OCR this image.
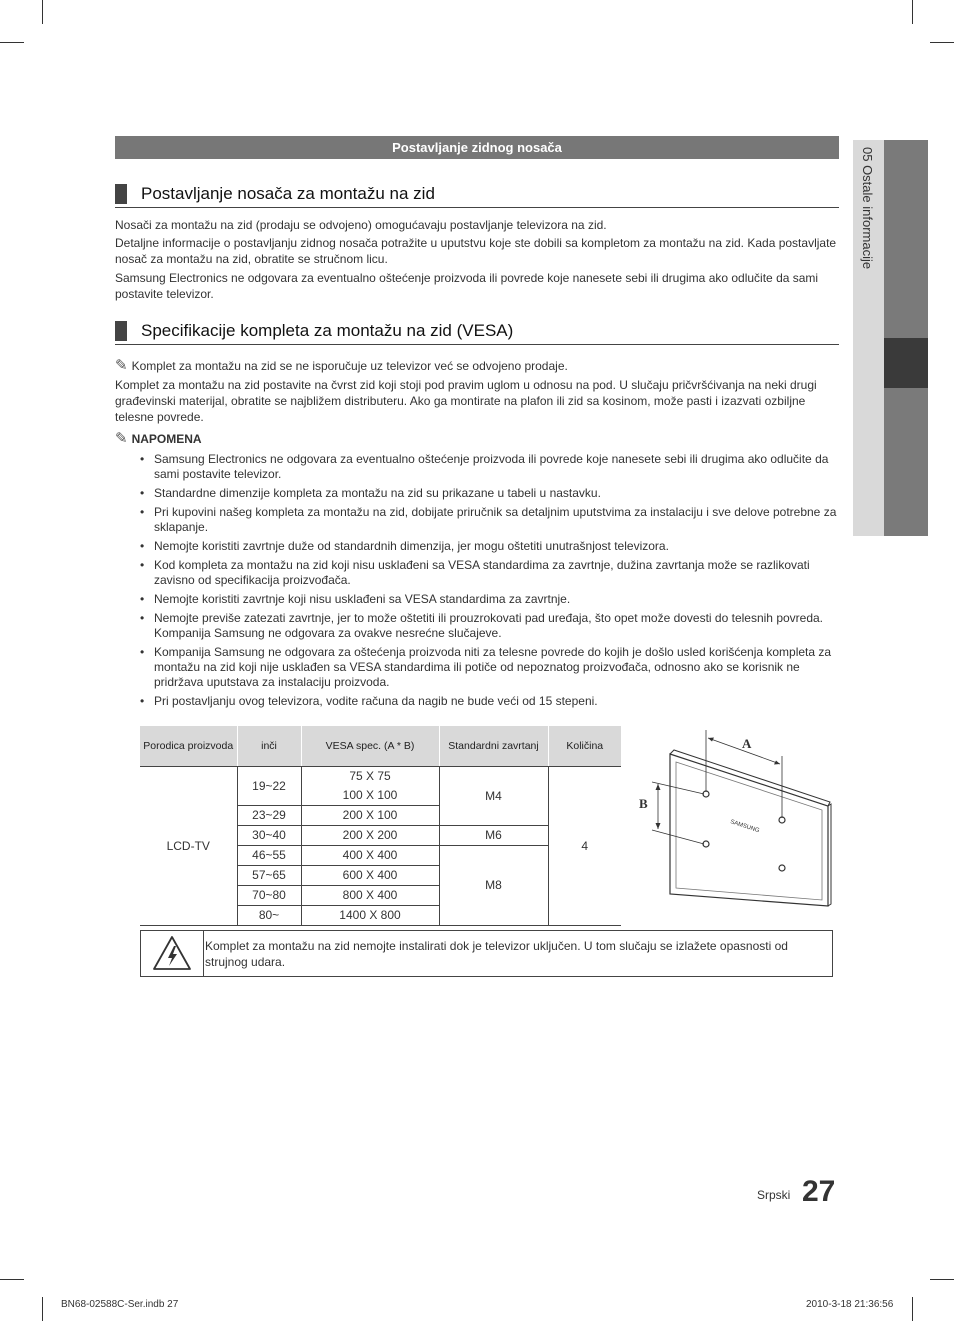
05 Ostale informacije
Postavljanje zidnog nosača
Postavljanje nosača za montažu na zid

Nosači za montažu na zid (prodaju se odvojeno) omogućavaju postavljanje televizora na zid.

Detaljne informacije o postavljanju zidnog nosača potražite u uputstvu koje ste dobili sa kompletom za montažu na zid. Kada postavljate nosač za montažu na zid, obratite se stručnom licu.

Samsung Electronics ne odgovara za eventualno oštećenje proizvoda ili povrede koje nanesete sebi ili drugima ako odlučite da sami postavite televizor.

Specifikacije kompleta za montažu na zid (VESA)
✎ Komplet za montažu na zid se ne isporučuje uz televizor već se odvojeno prodaje.

Komplet za montažu na zid postavite na čvrst zid koji stoji pod pravim uglom u odnosu na pod. U slučaju pričvršćivanja na neki drugi građevinski materijal, obratite se najbližem distributeru. Ako ga montirate na plafon ili zid sa kosinom, može pasti i izazvati ozbiljne telesne povrede.

✎ NAPOMENA
• Samsung Electronics ne odgovara za eventualno oštećenje proizvoda ili povrede koje nanesete sebi ili drugima ako odlučite da sami postavite televizor.
• Standardne dimenzije kompleta za montažu na zid su prikazane u tabeli u nastavku.
• Pri kupovini našeg kompleta za montažu na zid, dobijate priručnik sa detaljnim uputstvima za instalaciju i sve delove potrebne za sklapanje.
• Nemojte koristiti zavrtnje duže od standardnih dimenzija, jer mogu oštetiti unutrašnjost televizora.
• Kod kompleta za montažu na zid koji nisu usklađeni sa VESA standardima za zavrtnje, dužina zavrtanja može se razlikovati zavisno od specifikacija proizvođača.
• Nemojte koristiti zavrtnje koji nisu usklađeni sa VESA standardima za zavrtnje.
• Nemojte previše zatezati zavrtnje, jer to može oštetiti ili prouzrokovati pad uređaja, što opet može dovesti do telesnih povreda. Kompanija Samsung ne odgovara za ovakve nesrećne slučajeve.
• Kompanija Samsung ne odgovara za oštećenja proizvoda niti za telesne povrede do kojih je došlo usled korišćenja kompleta za montažu na zid koji nije usklađen sa VESA standardima ili potiče od nepoznatog proizvođača, odnosno ako se korisnik ne pridržava uputstava za instalaciju proizvoda.
• Pri postavljanju ovog televizora, vodite računa da nagib ne bude veći od 15 stepeni.
Porodica proizvoda	inči	VESA spec. (A * B)	Standardni zavrtanj	Količina
LCD-TV	19~22	75 X 75	M4	4
		100 X 100		
	23~29	200 X 100		
	30~40	200 X 200	M6	
	46~55	400 X 400	M8	
	57~65	600 X 400		
	70~80	800 X 400		
	80~	1400 X 800		
SAMSUNG
A
B
Komplet za montažu na zid nemojte instalirati dok je televizor uključen. U tom slučaju se izlažete opasnosti od strujnog udara.
Srpski 27
BN68-02588C-Ser.indb 27	2010-3-18 21:36:56
